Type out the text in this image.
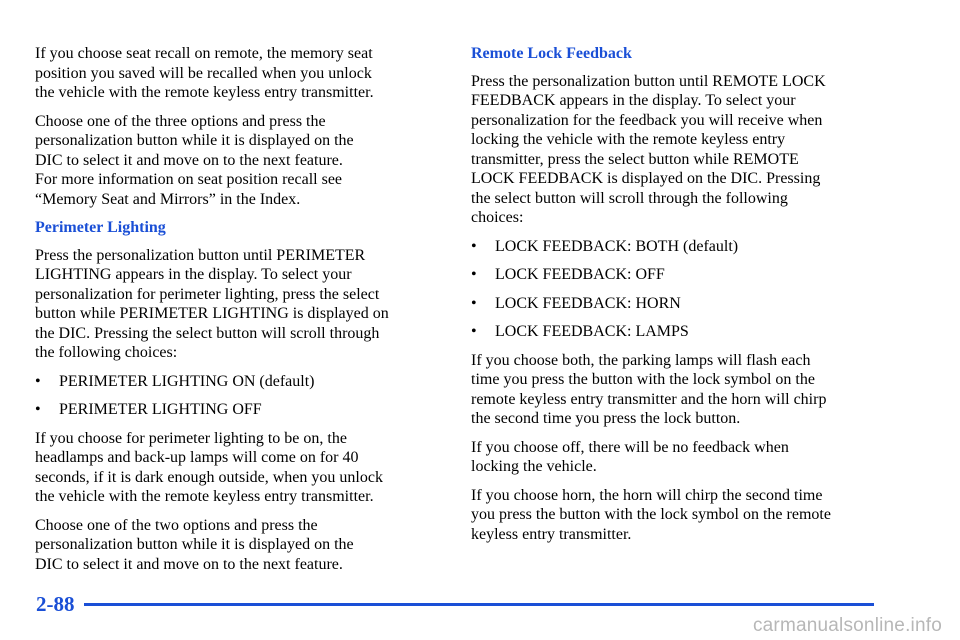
If you choose seat recall on remote, the memory seat
position you saved will be recalled when you unlock
the vehicle with the remote keyless entry transmitter.

Choose one of the three options and press the
personalization button while it is displayed on the
DIC to select it and move on to the next feature.
For more information on seat position recall see
“Memory Seat and Mirrors” in the Index.

Perimeter Lighting

Press the personalization button until PERIMETER
LIGHTING appears in the display. To select your
personalization for perimeter lighting, press the select
button while PERIMETER LIGHTING is displayed on
the DIC. Pressing the select button will scroll through
the following choices:

• PERIMETER LIGHTING ON (default)
• PERIMETER LIGHTING OFF

If you choose for perimeter lighting to be on, the
headlamps and back-up lamps will come on for 40
seconds, if it is dark enough outside, when you unlock
the vehicle with the remote keyless entry transmitter.

Choose one of the two options and press the
personalization button while it is displayed on the
DIC to select it and move on to the next feature.

Remote Lock Feedback

Press the personalization button until REMOTE LOCK
FEEDBACK appears in the display. To select your
personalization for the feedback you will receive when
locking the vehicle with the remote keyless entry
transmitter, press the select button while REMOTE
LOCK FEEDBACK is displayed on the DIC. Pressing
the select button will scroll through the following
choices:

• LOCK FEEDBACK: BOTH (default)
• LOCK FEEDBACK: OFF
• LOCK FEEDBACK: HORN
• LOCK FEEDBACK: LAMPS

If you choose both, the parking lamps will flash each
time you press the button with the lock symbol on the
remote keyless entry transmitter and the horn will chirp
the second time you press the lock button.

If you choose off, there will be no feedback when
locking the vehicle.

If you choose horn, the horn will chirp the second time
you press the button with the lock symbol on the remote
keyless entry transmitter.

2-88
carmanualsonline.info
